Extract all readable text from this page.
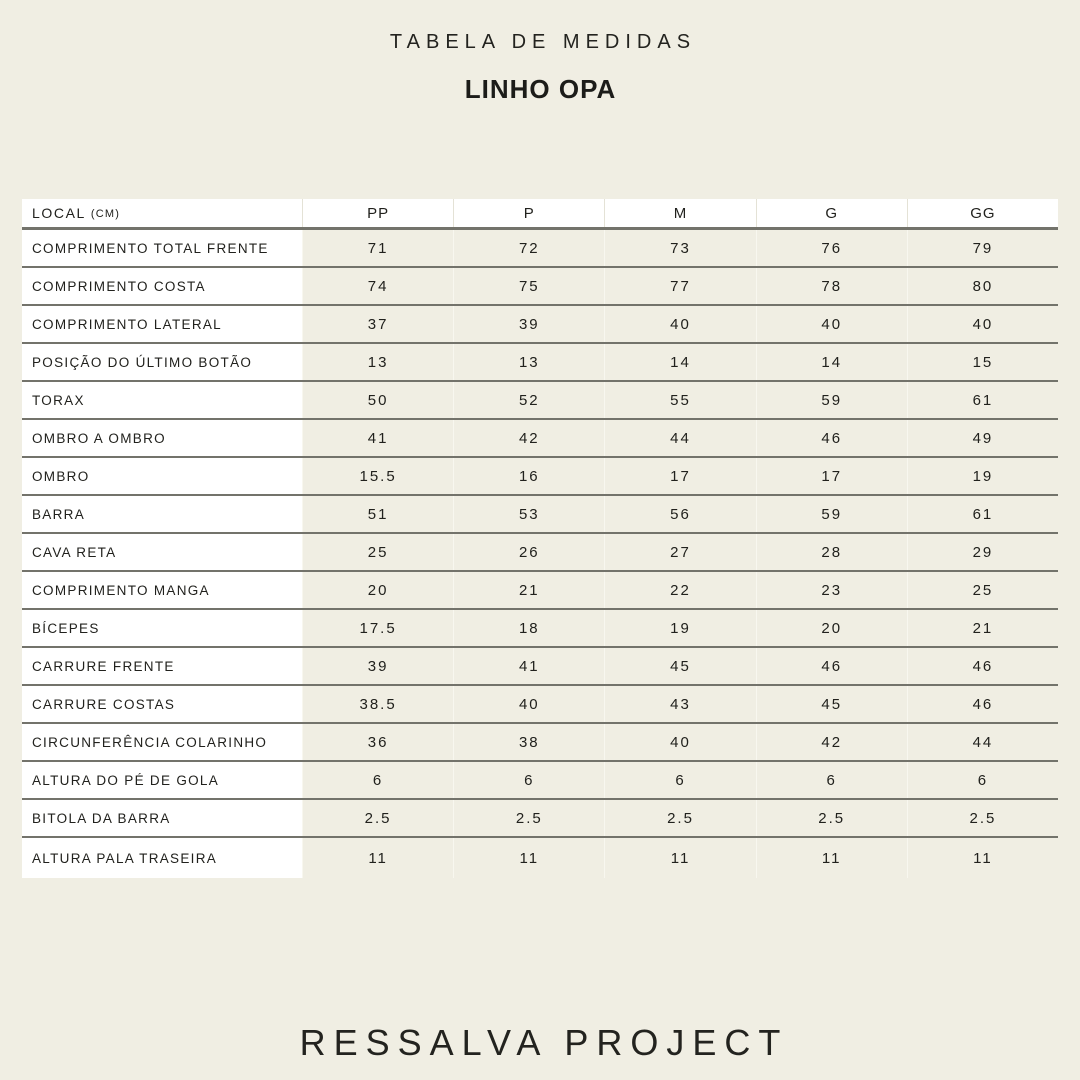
TABELA DE MEDIDAS
LINHO OPA
LOCAL (CM)	PP	P	M	G	GG
COMPRIMENTO TOTAL FRENTE	71	72	73	76	79
COMPRIMENTO COSTA	74	75	77	78	80
COMPRIMENTO LATERAL	37	39	40	40	40
POSIÇÃO DO ÚLTIMO BOTÃO	13	13	14	14	15
TORAX	50	52	55	59	61
OMBRO A OMBRO	41	42	44	46	49
OMBRO	15.5	16	17	17	19
BARRA	51	53	56	59	61
CAVA RETA	25	26	27	28	29
COMPRIMENTO MANGA	20	21	22	23	25
BÍCEPES	17.5	18	19	20	21
CARRURE FRENTE	39	41	45	46	46
CARRURE COSTAS	38.5	40	43	45	46
CIRCUNFERÊNCIA COLARINHO	36	38	40	42	44
ALTURA DO PÉ DE GOLA	6	6	6	6	6
BITOLA DA BARRA	2.5	2.5	2.5	2.5	2.5
ALTURA PALA TRASEIRA	11	11	11	11	11
RESSALVA PROJECT
